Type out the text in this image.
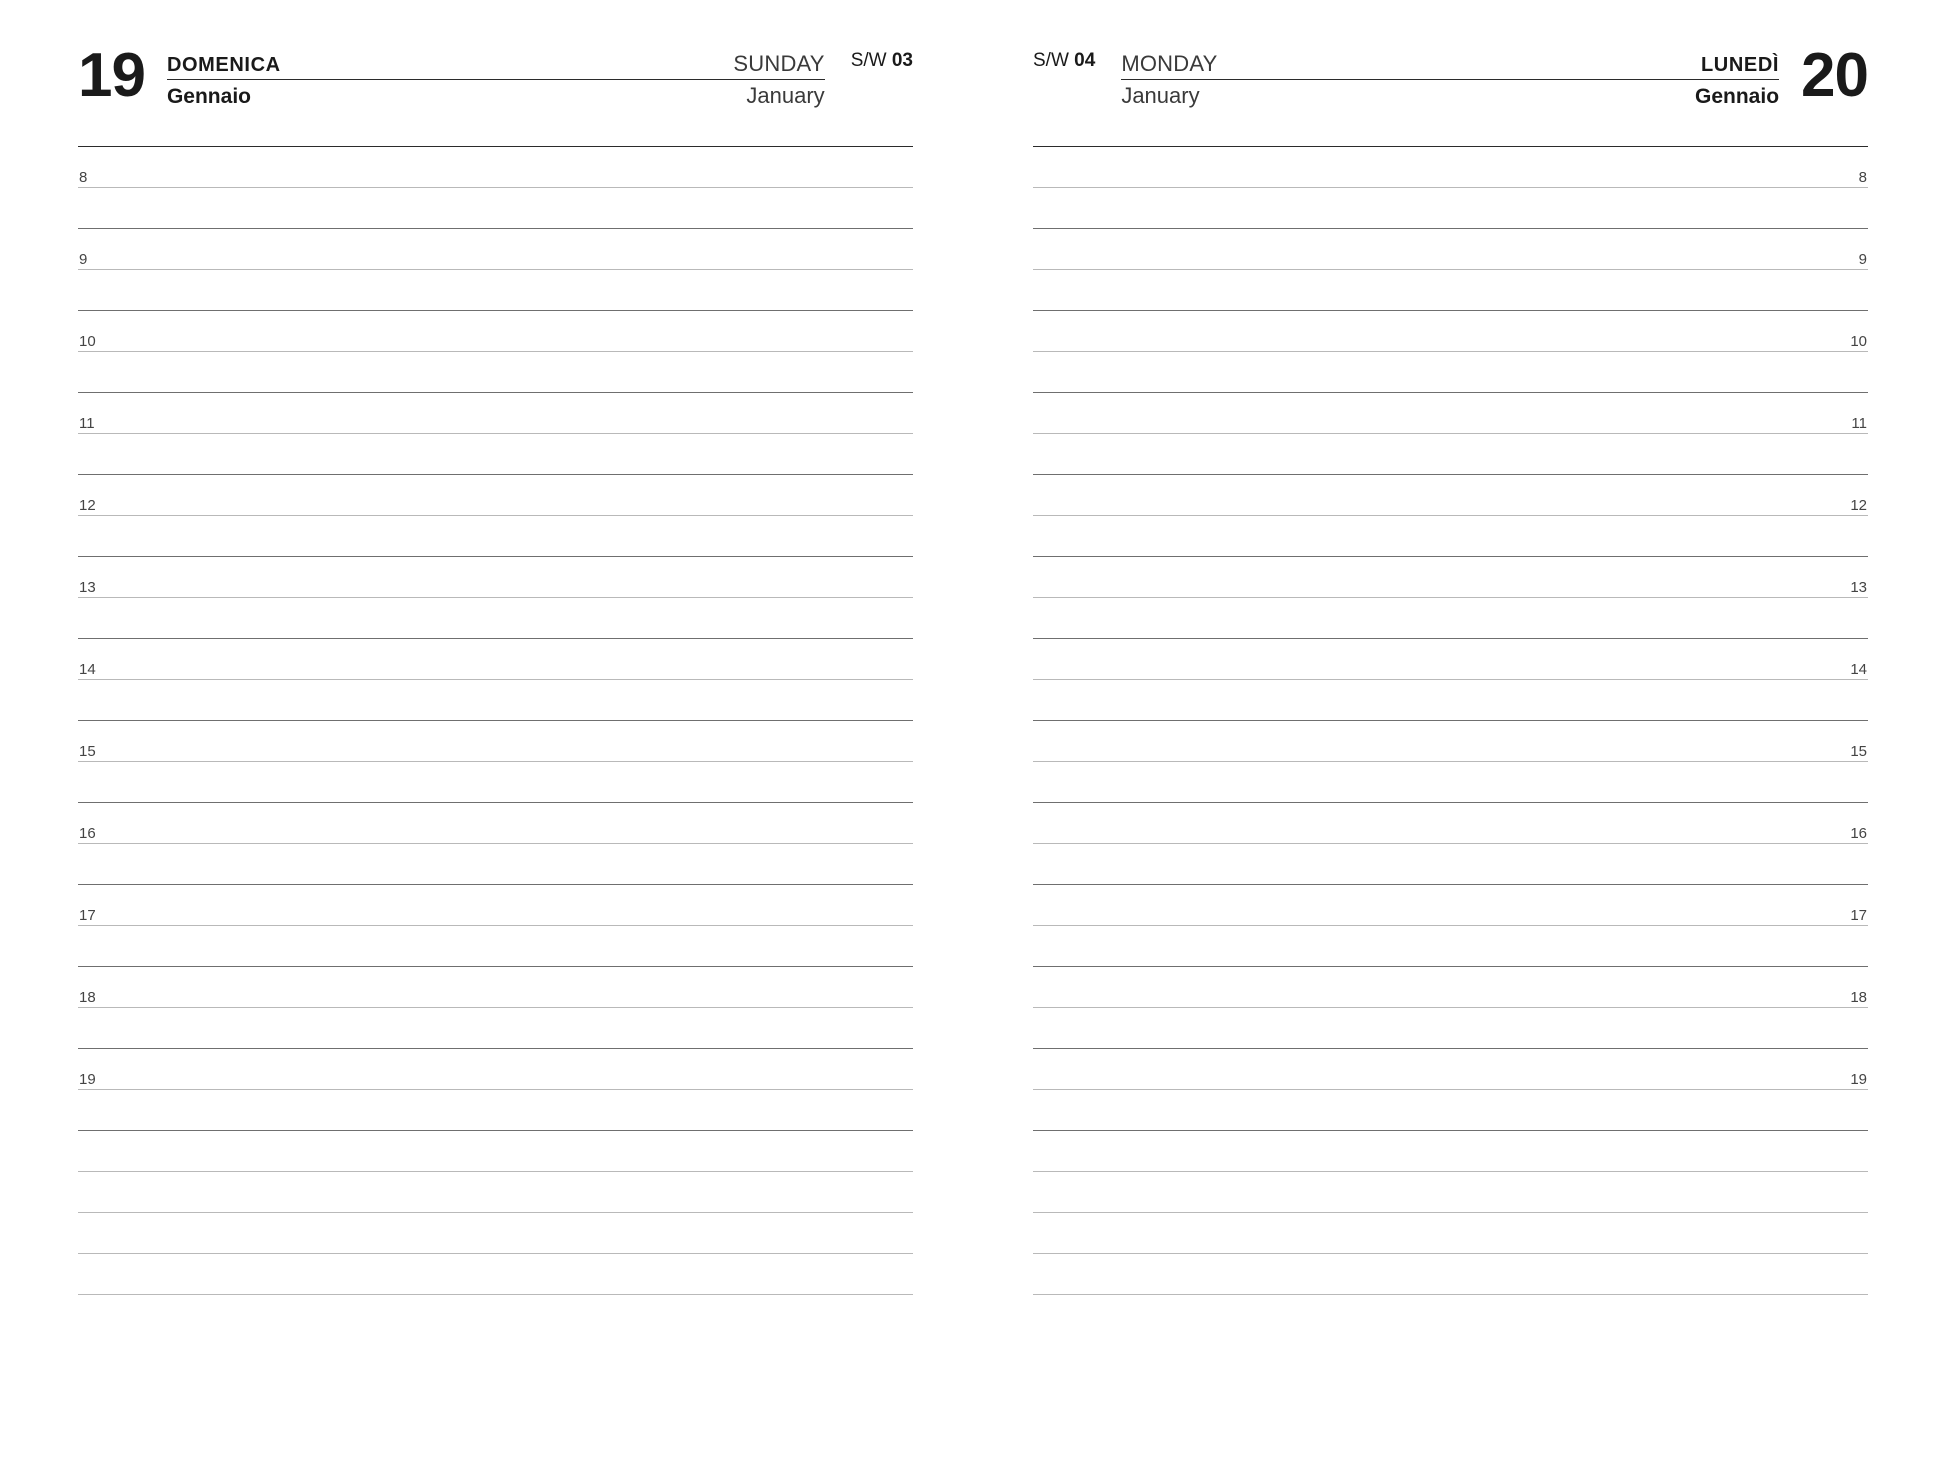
19 DOMENICA	SUNDAY
Gennaio	January
S/W 03
8
9
10
11
12
13
14
15
16
17
18
19
S/W 04 MONDAY	LUNEDÌ
January	Gennaio 20
8
9
10
11
12
13
14
15
16
17
18
19
